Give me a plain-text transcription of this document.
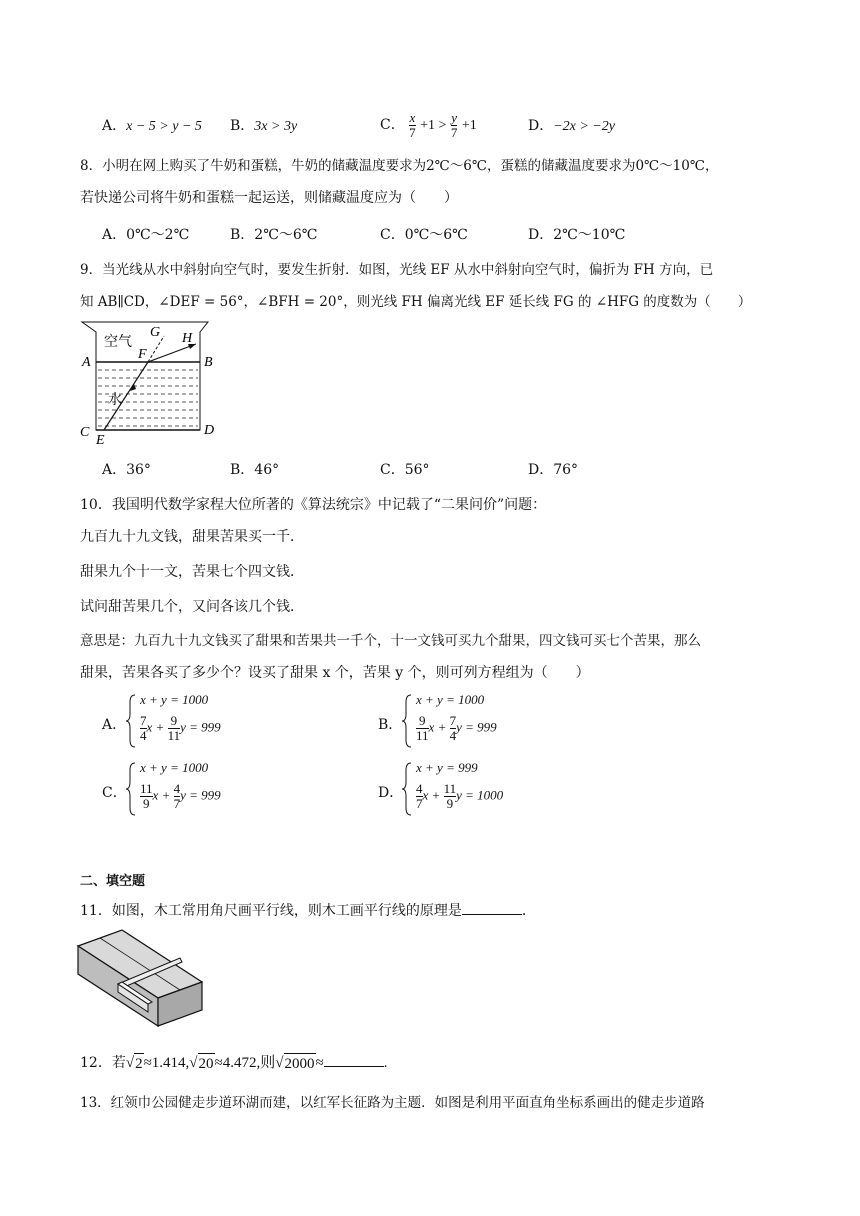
A．x − 5 > y − 5 B．3x > 3y	C． $\frac{x}{7} +1 > \frac{y}{7} +1$	D．−2x > −2y
8．小明在网上购买了牛奶和蛋糕，牛奶的储藏温度要求为2℃～6℃，蛋糕的储藏温度要求为0℃～10℃，
若快递公司将牛奶和蛋糕一起运送，则储藏温度应为（　　）
A．0℃～2℃	B．2℃～6℃	C．0℃～6℃	D．2℃～10℃
9．当光线从水中斜射向空气时，要发生折射．如图，光线 EF 从水中斜射向空气时，偏折为 FH 方向，已
知 AB∥CD，∠DEF = 56°，∠BFH = 20°，则光线 FH 偏离光线 EF 延长线 FG 的 ∠HFG 的度数为（　　）
空气
水
A	B
C	D
E
F
G H
A．36°	B．46°	C．56°	D．76°
10．我国明代数学家程大位所著的《算法统宗》中记载了“二果问价”问题：
九百九十九文钱，甜果苦果买一千．
甜果九个十一文，苦果七个四文钱．
试问甜苦果几个，又问各该几个钱．
意思是：九百九十九文钱买了甜果和苦果共一千个，十一文钱可买九个甜果，四文钱可买七个苦果，那么
甜果，苦果各买了多少个？设买了甜果 x 个，苦果 y 个，则可列方程组为（　　）
A．
x + y = 1000
$\frac{7}{4}$ $x + \frac{9}{11}$ y = 999	B．
x + y = 1000
$\frac{9}{11}$ $x + \frac{7}{4}$ y = 999
C．
x + y = 1000
$\frac{11}{9}$ $x + \frac{4}{7}$ y = 999	D．
x + y = 999
$\frac{4}{7}$ $x + \frac{11}{9}$ y = 1000
二、填空题
11．如图，木工常用角尺画平行线，则木工画平行线的原理是	．
12．若√ 2 ≈1.414,√ 20 ≈4.472,则√ 2000 ≈	.
13．红领巾公园健走步道环湖而建，以红军长征路为主题．如图是利用平面直角坐标系画出的健走步道路
